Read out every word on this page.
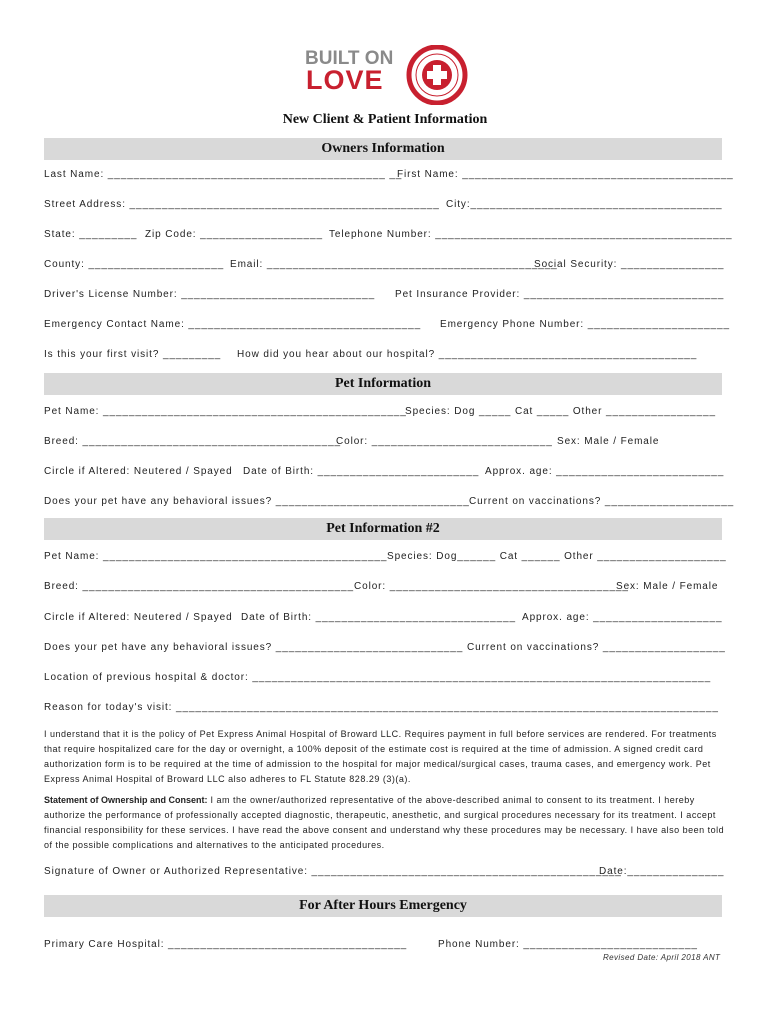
BUILT ON
LOVE
New Client & Patient Information
Owners Information
Last Name: ___________________________________________ __
First Name: __________________________________________
Street Address: ________________________________________________ City:_______________________________________
State: _________ Zip Code: ___________________ Telephone Number: ______________________________________________
County: _____________________ Email: _____________________________________________
Social Security: ________________
Driver's License Number: ______________________________ Pet Insurance Provider: _______________________________
Emergency Contact Name: ____________________________________ Emergency Phone Number: ______________________
Is this your first visit? _________ How did you hear about our hospital? ________________________________________
Pet Information
Pet Name: _______________________________________________
Species: Dog _____ Cat _____ Other _________________
Breed: ________________________________________
Color: ____________________________ Sex: Male / Female
Circle if Altered: Neutered / Spayed Date of Birth: _________________________ Approx. age: __________________________
Does your pet have any behavioral issues? ______________________________ Current on vaccinations? ____________________
Pet Information #2
Pet Name: ____________________________________________ Species: Dog______ Cat ______ Other ____________________
Breed: __________________________________________ Color: _____________________________________
Sex: Male / Female
Circle if Altered: Neutered / Spayed Date of Birth: _______________________________ Approx. age: ____________________
Does your pet have any behavioral issues? _____________________________ Current on vaccinations? ___________________
Location of previous hospital & doctor: _______________________________________________________________________
Reason for today's visit: ____________________________________________________________________________________
I understand that it is the policy of Pet Express Animal Hospital of Broward LLC. Requires payment in full before services are rendered. For treatments that require hospitalized care for the day or overnight, a 100% deposit of the estimate cost is required at the time of admission. A signed credit card authorization form is to be required at the time of admission to the hospital for major medical/surgical cases, trauma cases, and emergency work. Pet Express Animal Hospital of Broward LLC also adheres to FL Statute 828.29 (3)(a).
Statement of Ownership and Consent: I am the owner/authorized representative of the above-described animal to consent to its treatment. I hereby authorize the performance of professionally accepted diagnostic, therapeutic, anesthetic, and surgical procedures necessary for its treatment. I accept financial responsibility for these services. I have read the above consent and understand why these procedures may be necessary. I have also been told of the possible complications and alternatives to the anticipated procedures.
Signature of Owner or Authorized Representative: ________________________________________________
Date:_______________
For After Hours Emergency
Primary Care Hospital: _____________________________________	Phone Number: ___________________________
Revised Date: April 2018 ANT
